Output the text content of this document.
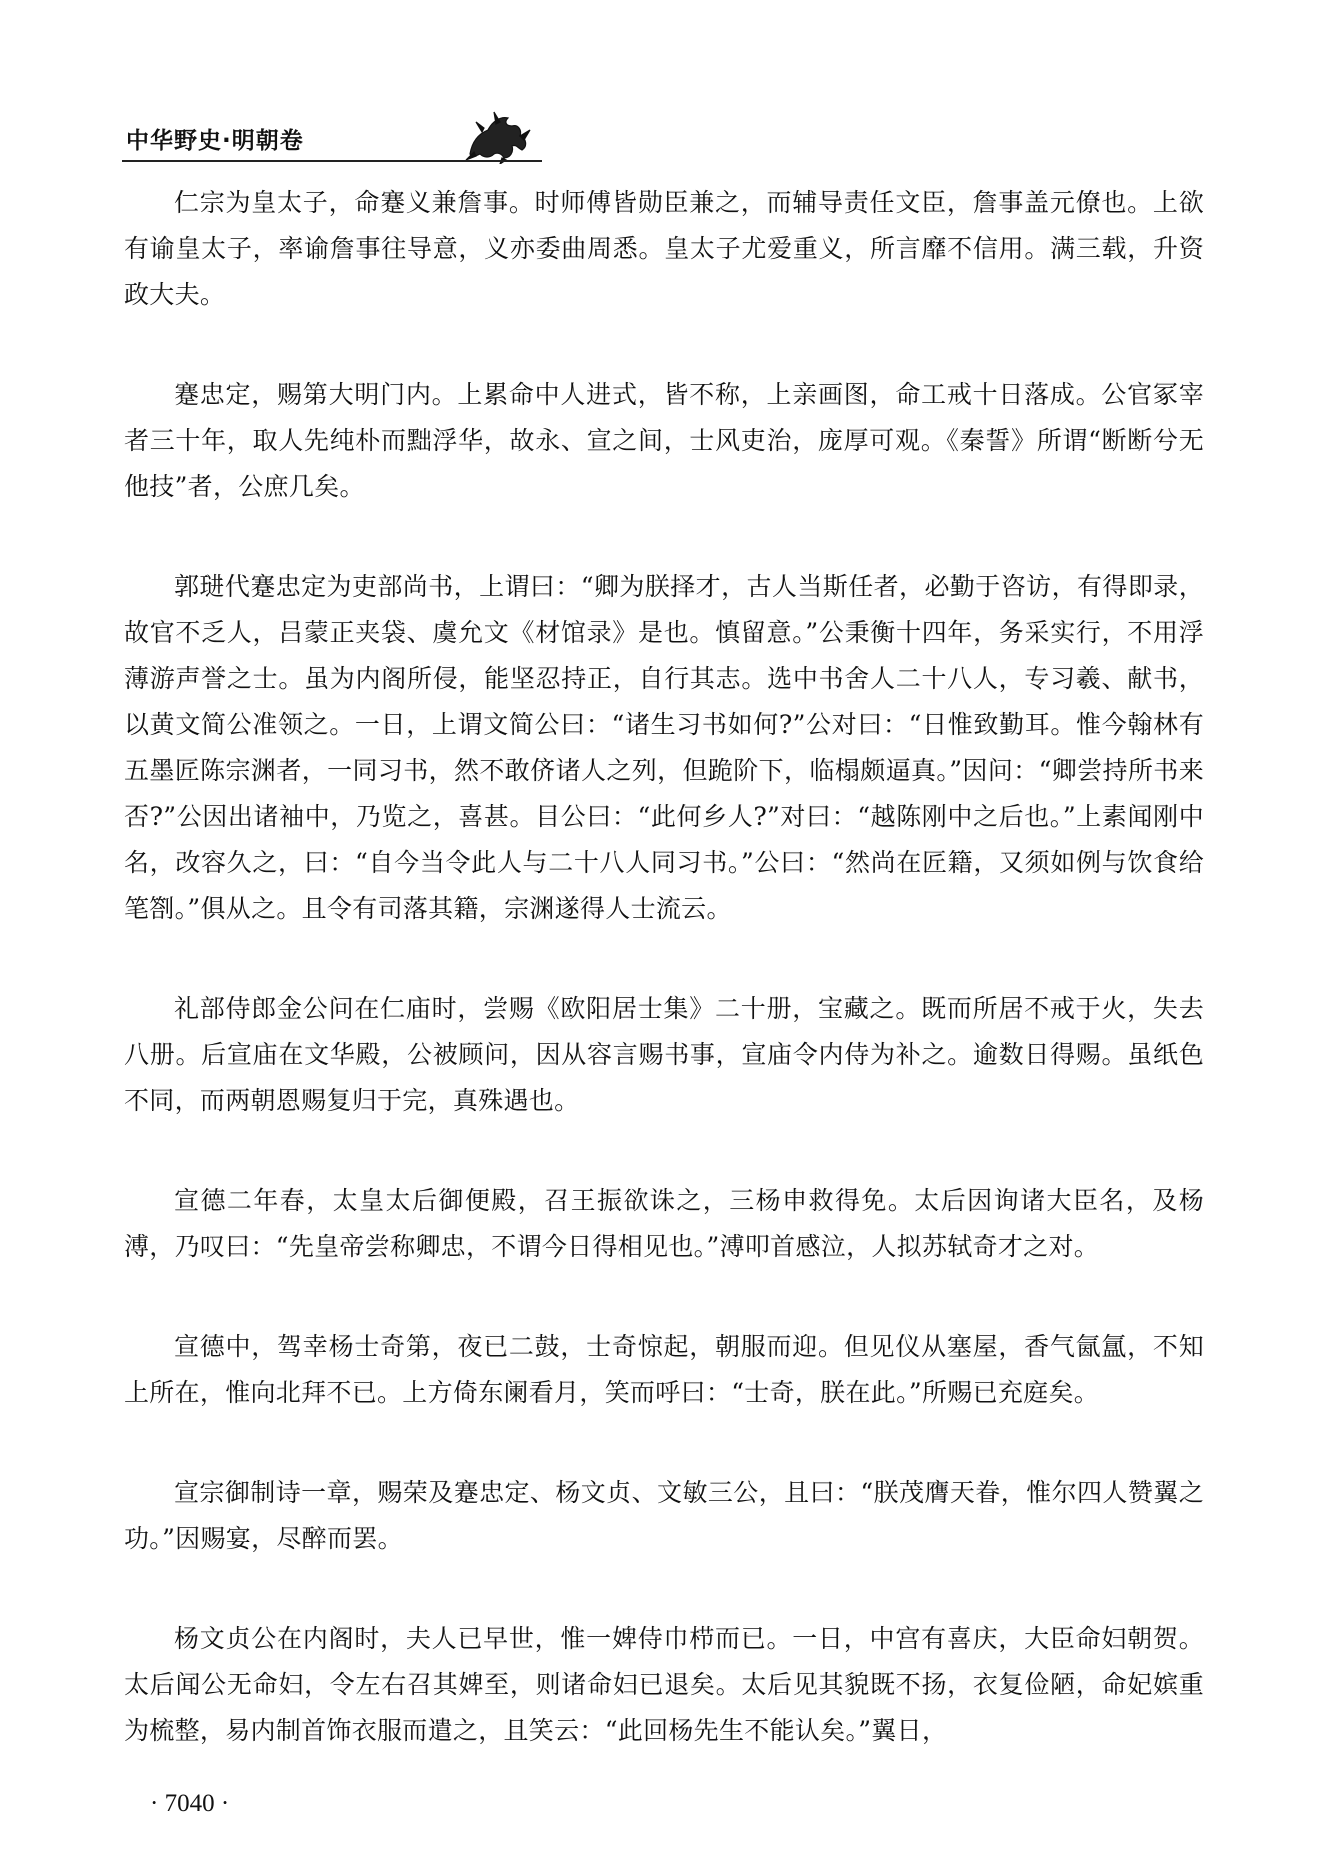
中华野史·明朝卷

仁宗为皇太子，命蹇义兼詹事。时师傅皆勋臣兼之，而辅导责任文臣，詹事盖元僚也。上欲有谕皇太子，率谕詹事往导意，义亦委曲周悉。皇太子尤爱重义，所言靡不信用。满三载，升资政大夫。

蹇忠定，赐第大明门内。上累命中人进式，皆不称，上亲画图，命工戒十日落成。公官冢宰者三十年，取人先纯朴而黜浮华，故永、宣之间，士风吏治，庞厚可观。《秦誓》所谓“断断兮无他技”者，公庶几矣。

郭琎代蹇忠定为吏部尚书，上谓曰：“卿为朕择才，古人当斯任者，必勤于咨访，有得即录，故官不乏人，吕蒙正夹袋、虞允文《材馆录》是也。慎留意。”公秉衡十四年，务采实行，不用浮薄游声誉之士。虽为内阁所侵，能坚忍持正，自行其志。选中书舍人二十八人，专习羲、献书，以黄文简公准领之。一日，上谓文简公曰：“诸生习书如何?”公对曰：“日惟致勤耳。惟今翰林有五墨匠陈宗渊者，一同习书，然不敢侪诸人之列，但跪阶下，临榻颇逼真。”因问：“卿尝持所书来否?”公因出诸袖中，乃览之，喜甚。目公曰：“此何乡人?”对曰：“越陈刚中之后也。”上素闻刚中名，改容久之，曰：“自今当令此人与二十八人同习书。”公曰：“然尚在匠籍，又须如例与饮食给笔劄。”俱从之。且令有司落其籍，宗渊遂得人士流云。

礼部侍郎金公问在仁庙时，尝赐《欧阳居士集》二十册，宝藏之。既而所居不戒于火，失去八册。后宣庙在文华殿，公被顾问，因从容言赐书事，宣庙令内侍为补之。逾数日得赐。虽纸色不同，而两朝恩赐复归于完，真殊遇也。

宣德二年春，太皇太后御便殿，召王振欲诛之，三杨申救得免。太后因询诸大臣名，及杨溥，乃叹曰：“先皇帝尝称卿忠，不谓今日得相见也。”溥叩首感泣，人拟苏轼奇才之对。

宣德中，驾幸杨士奇第，夜已二鼓，士奇惊起，朝服而迎。但见仪从塞屋，香气氤氲，不知上所在，惟向北拜不已。上方倚东阑看月，笑而呼曰：“士奇，朕在此。”所赐已充庭矣。

宣宗御制诗一章，赐荣及蹇忠定、杨文贞、文敏三公，且曰：“朕茂膺天眷，惟尔四人赞翼之功。”因赐宴，尽醉而罢。

杨文贞公在内阁时，夫人已早世，惟一婢侍巾栉而已。一日，中宫有喜庆，大臣命妇朝贺。太后闻公无命妇，令左右召其婢至，则诸命妇已退矣。太后见其貌既不扬，衣复俭陋，命妃嫔重为梳整，易内制首饰衣服而遣之，且笑云：“此回杨先生不能认矣。”翼日，

· 7040 ·
